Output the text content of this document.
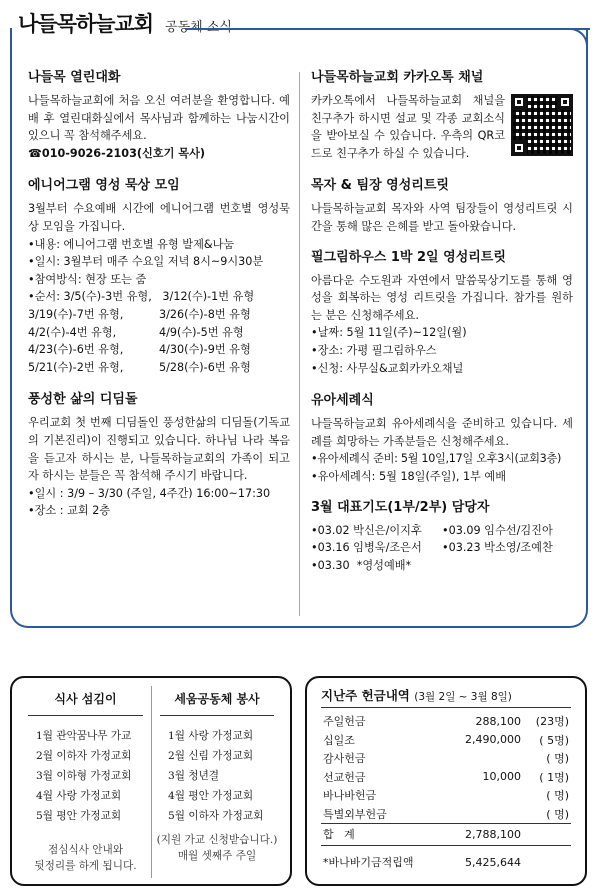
나들목하늘교회 공동체 소식
나들목 열린대화

나들목하늘교회에 처음 오신 여러분을 환영합니다. 예배 후 열린대화실에서 목사님과 함께하는 나눔시간이 있으니 꼭 참석해주세요.

☎010-9026-2103(신호기 목사)

에니어그램 영성 묵상 모임

3월부터 수요예배 시간에 에니어그램 번호별 영성묵상 모임을 가집니다.

•내용: 에니어그램 번호별 유형 발제&나눔
•일시: 3월부터 매주 수요일 저녁 8시~9시30분
•참여방식: 현장 또는 줌
•순서: 3/5(수)-3번 유형,   3/12(수)-1번 유형
3/19(수)-7번 유형,	3/26(수)-8번 유형
4/2(수)-4번 유형,	4/9(수)-5번 유형
4/23(수)-6번 유형,	4/30(수)-9번 유형
5/21(수)-2번 유형,	5/28(수)-6번 유형
풍성한 삶의 디딤돌

우리교회 첫 번째 디딤돌인 풍성한삶의 디딤돌(기독교의 기본진리)이 진행되고 있습니다. 하나님 나라 복음을 듣고자 하시는 분, 나들목하늘교회의 가족이 되고자 하시는 분들은 꼭 참석해 주시기 바랍니다.

•일시 : 3/9 – 3/30 (주일, 4주간) 16:00~17:30
•장소 : 교회 2층
나들목하늘교회 카카오톡 채널

카카오톡에서 나들목하늘교회 채널을 친구추가 하시면 설교 및 각종 교회소식을 받아보실 수 있습니다. 우측의 QR코드로 친구추가 하실 수 있습니다.

목자 & 팀장 영성리트릿

나들목하늘교회 목자와 사역 팀장들이 영성리트릿 시간을 통해 많은 은혜를 받고 돌아왔습니다.

필그림하우스 1박 2일 영성리트릿

아름다운 수도원과 자연에서 말씀묵상기도를 통해 영성을 회복하는 영성 리트릿을 가집니다. 참가를 원하는 분은 신청해주세요.

•날짜: 5월 11일(주)~12일(월)
•장소: 가평 필그림하우스
•신청: 사무실&교회카카오채널
유아세례식

나들목하늘교회 유아세례식을 준비하고 있습니다. 세례를 희망하는 가족분들은 신청해주세요.

•유아세례식 준비: 5월 10일,17일 오후3시(교회3층)
•유아세례식: 5월 18일(주일), 1부 예배
3월 대표기도(1부/2부) 담당자
•03.02 박신은/이지후	•03.09 임수선/김진아
•03.16 임병욱/조은서	•03.23 박소영/조예찬
•03.30  *영성예배*
식사 섬김이
1월 관악꿈나무 가교
2월 이하자 가정교회
3월 이하형 가정교회
4월 사랑 가정교회
5월 평안 가정교회
점심식사 안내와
뒷정리를 하게 됩니다.
세움공동체 봉사
1월 사랑 가정교회
2월 신림 가정교회
3월 청년결
4월 평안 가정교회
5월 이하자 가정교회
(지원 가교 신청받습니다.)
매월 셋째주 주일
지난주 헌금내역 (3월 2일 ~ 3월 8일)
주일헌금	288,100	(23명)
십일조	2,490,000	( 5명)
감사헌금		( 명)
선교헌금	10,000	( 1명)
바나바헌금		( 명)
특별외부헌금		( 명)
합   계	2,788,100	

*바나바기금적립액	5,425,644	
